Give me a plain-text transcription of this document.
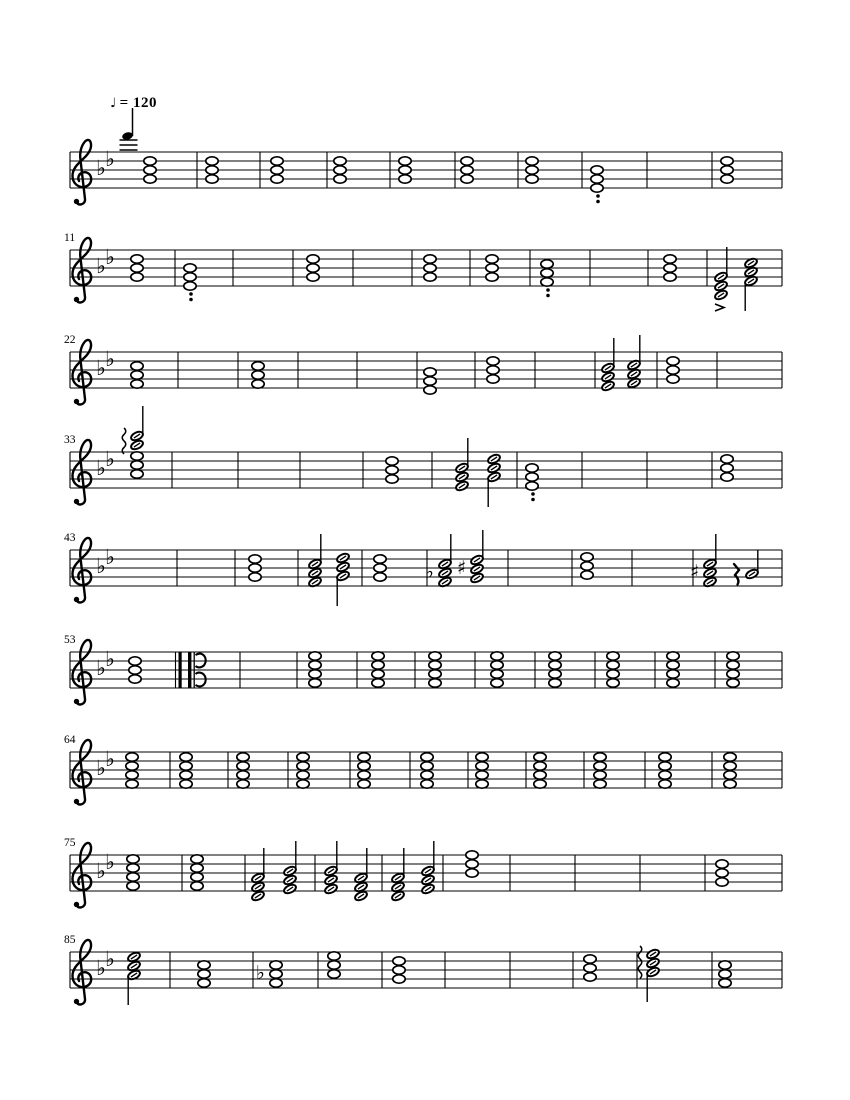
♩ = 120
♭ ♭
11
♭ ♭
22
♭ ♭
33
♭ ♭
43
♭ ♭
♭ ♯	♯
53
♭ ♭
64
♭ ♭
75
♭ ♭
85
♭ ♭
♭
